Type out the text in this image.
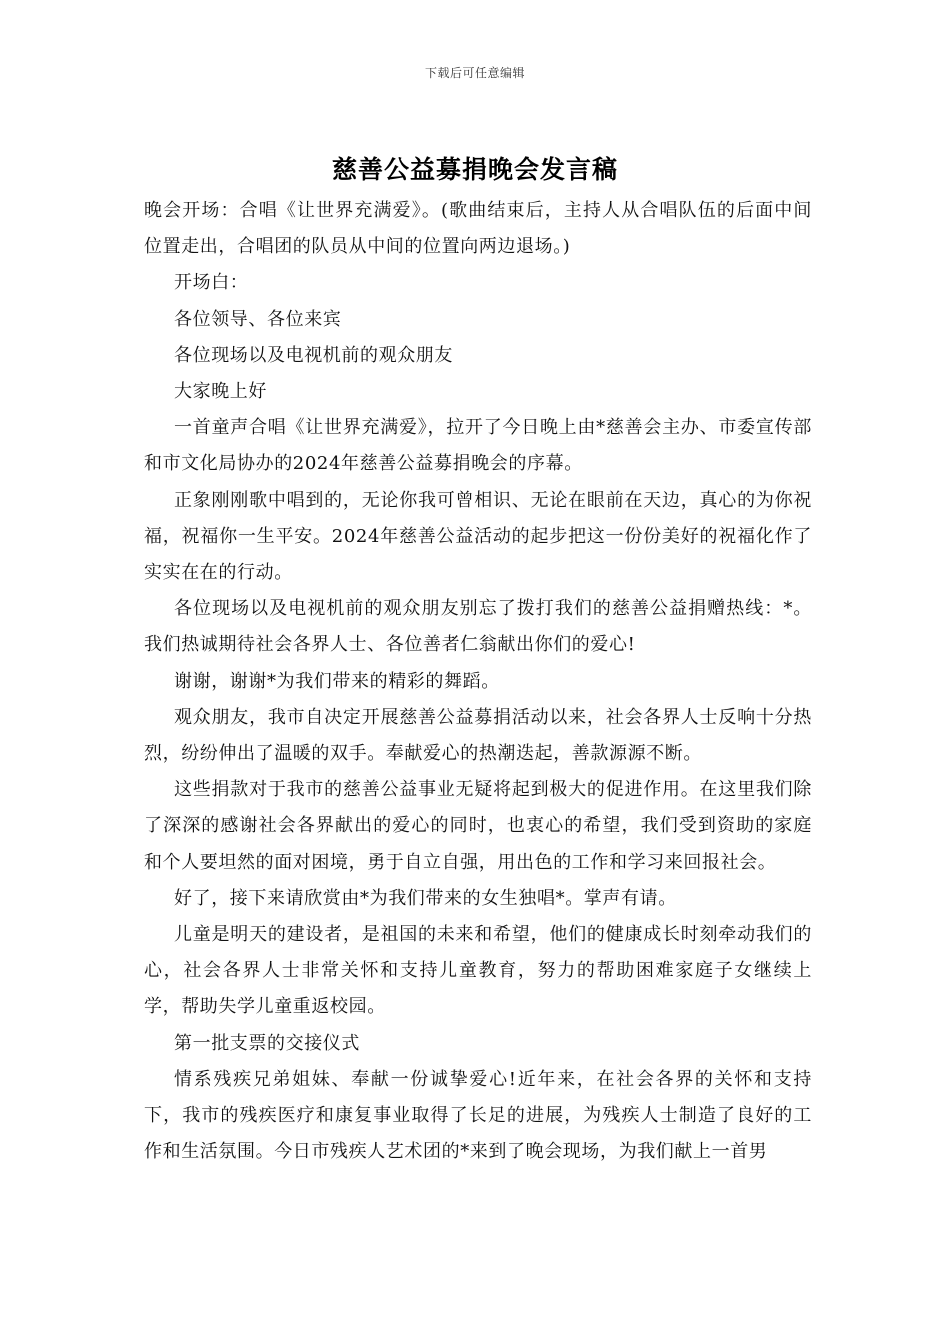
下载后可任意编辑
慈善公益募捐晚会发言稿

晚会开场：合唱《让世界充满爱》。(歌曲结束后，主持人从合唱队伍的后面中间位置走出，合唱团的队员从中间的位置向两边退场。)

开场白：

各位领导、各位来宾

各位现场以及电视机前的观众朋友

大家晚上好

一首童声合唱《让世界充满爱》，拉开了今日晚上由*慈善会主办、市委宣传部和市文化局协办的2024年慈善公益募捐晚会的序幕。

正象刚刚歌中唱到的，无论你我可曾相识、无论在眼前在天边，真心的为你祝福，祝福你一生平安。2024年慈善公益活动的起步把这一份份美好的祝福化作了实实在在的行动。

各位现场以及电视机前的观众朋友别忘了拨打我们的慈善公益捐赠热线：*。我们热诚期待社会各界人士、各位善者仁翁献出你们的爱心!

谢谢，谢谢*为我们带来的精彩的舞蹈。

观众朋友，我市自决定开展慈善公益募捐活动以来，社会各界人士反响十分热烈，纷纷伸出了温暖的双手。奉献爱心的热潮迭起，善款源源不断。

这些捐款对于我市的慈善公益事业无疑将起到极大的促进作用。在这里我们除了深深的感谢社会各界献出的爱心的同时，也衷心的希望，我们受到资助的家庭和个人要坦然的面对困境，勇于自立自强，用出色的工作和学习来回报社会。

好了，接下来请欣赏由*为我们带来的女生独唱*。掌声有请。

儿童是明天的建设者，是祖国的未来和希望，他们的健康成长时刻牵动我们的心，社会各界人士非常关怀和支持儿童教育，努力的帮助困难家庭子女继续上学，帮助失学儿童重返校园。

第一批支票的交接仪式

情系残疾兄弟姐妹、奉献一份诚挚爱心!近年来，在社会各界的关怀和支持下，我市的残疾医疗和康复事业取得了长足的进展，为残疾人士制造了良好的工作和生活氛围。今日市残疾人艺术团的*来到了晚会现场，为我们献上一首男
